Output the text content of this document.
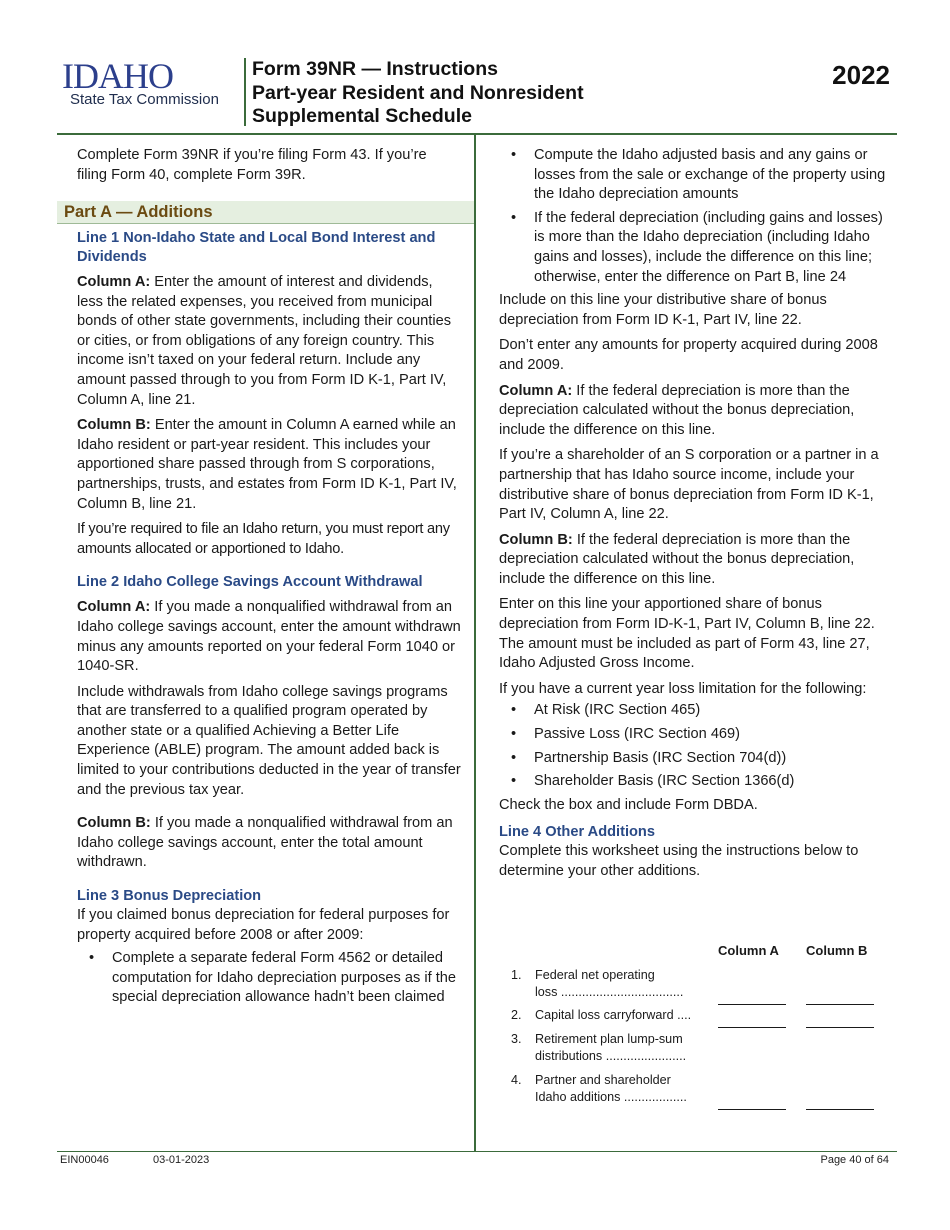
IDAHO
State Tax Commission
Form 39NR — Instructions
Part-year Resident and Nonresident
Supplemental Schedule
2022
Complete Form 39NR if you’re filing Form 43. If you’re filing Form 40, complete Form 39R.
Part A — Additions
Line 1 Non-Idaho State and Local Bond Interest and Dividends

Column A: Enter the amount of interest and dividends, less the related expenses, you received from municipal bonds of other state governments, including their counties or cities, or from obligations of any foreign country. This income isn’t taxed on your federal return. Include any amount passed through to you from Form ID K-1, Part IV, Column A, line 21.

Column B: Enter the amount in Column A earned while an Idaho resident or part-year resident. This includes your apportioned share passed through from S corporations, partnerships, trusts, and estates from Form ID K-1, Part IV, Column B, line 21.

If you’re required to file an Idaho return, you must report any amounts allocated or apportioned to Idaho.

Line 2 Idaho College Savings Account Withdrawal

Column A: If you made a nonqualified withdrawal from an Idaho college savings account, enter the amount withdrawn minus any amounts reported on your federal Form 1040 or 1040-SR.

Include withdrawals from Idaho college savings programs that are transferred to a qualified program operated by another state or a qualified Achieving a Better Life Experience (ABLE) program. The amount added back is limited to your contributions deducted in the year of transfer and the previous tax year.

Column B: If you made a nonqualified withdrawal from an Idaho college savings account, enter the total amount withdrawn.

Line 3 Bonus Depreciation

If you claimed bonus depreciation for federal purposes for property acquired before 2008 or after 2009:

• Complete a separate federal Form 4562 or detailed computation for Idaho depreciation purposes as if the special depreciation allowance hadn’t been claimed
• Compute the Idaho adjusted basis and any gains or losses from the sale or exchange of the property using the Idaho depreciation amounts
• If the federal depreciation (including gains and losses) is more than the Idaho depreciation (including Idaho gains and losses), include the difference on this line; otherwise, enter the difference on Part B, line 24

Include on this line your distributive share of bonus depreciation from Form ID K-1, Part IV, line 22.

Don’t enter any amounts for property acquired during 2008 and 2009.

Column A: If the federal depreciation is more than the depreciation calculated without the bonus depreciation, include the difference on this line.

If you’re a shareholder of an S corporation or a partner in a partnership that has Idaho source income, include your distributive share of bonus depreciation from Form ID K-1, Part IV, Column A, line 22.

Column B: If the federal depreciation is more than the depreciation calculated without the bonus depreciation, include the difference on this line.

Enter on this line your apportioned share of bonus depreciation from Form ID-K-1, Part IV, Column B, line 22. The amount must be included as part of Form 43, line 27, Idaho Adjusted Gross Income.

If you have a current year loss limitation for the following:

• At Risk (IRC Section 465)
• Passive Loss (IRC Section 469)
• Partnership Basis (IRC Section 704(d))
• Shareholder Basis (IRC Section 1366(d)

Check the box and include Form DBDA.

Line 4 Other Additions

Complete this worksheet using the instructions below to determine your other additions.

Column A Column B
1. Federal net operating
loss ...................................
2. Capital loss carryforward ....
3. Retirement plan lump-sum
distributions .......................
4. Partner and shareholder
Idaho additions ..................
EIN00046	03-01-2023	Page 40 of 64
